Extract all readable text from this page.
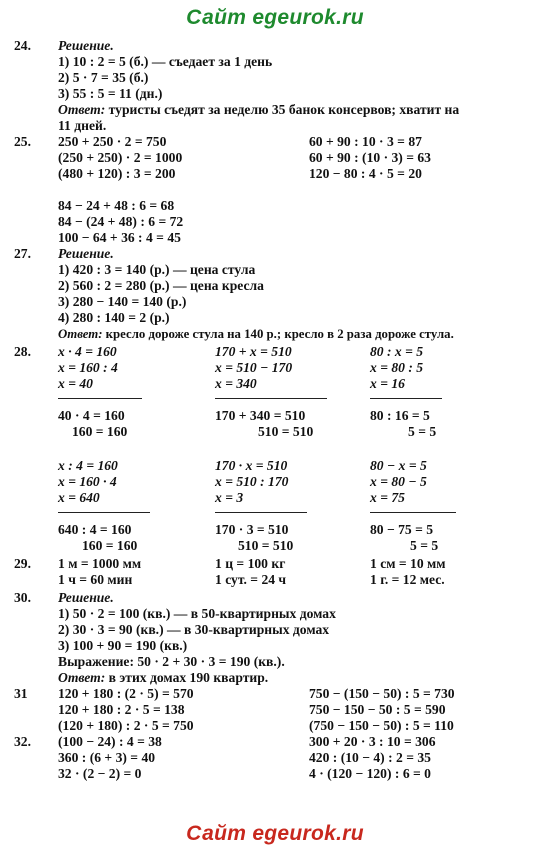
Сайт egeurok.ru
24. Решение.
1) 10 : 2 = 5 (б.) — съедает за 1 день
2) 5 · 7 = 35 (б.)
3) 55 : 5 = 11 (дн.)
Ответ: туристы съедят за неделю 35 банок консервов; хватит на
11 дней.
25. 250 + 250 · 2 = 750
(250 + 250) · 2 = 1000
(480 + 120) : 3 = 200
60 + 90 : 10 · 3 = 87
60 + 90 : (10 · 3) = 63
120 − 80 : 4 · 5 = 20
84 − 24 + 48 : 6 = 68
84 − (24 + 48) : 6 = 72
100 − 64 + 36 : 4 = 45
27. Решение.
1) 420 : 3 = 140 (р.) — цена стула
2) 560 : 2 = 280 (р.) — цена кресла
3) 280 − 140 = 140 (р.)
4) 280 : 140 = 2 (р.)
Ответ: кресло дороже стула на 140 р.; кресло в 2 раза дороже стула.
28. x · 4 = 160
x = 160 : 4
x = 40
40 · 4 = 160
160 = 160
170 + x = 510
x = 510 − 170
x = 340
170 + 340 = 510
510 = 510
80 : x = 5
x = 80 : 5
x = 16
80 : 16 = 5
5 = 5
x : 4 = 160
x = 160 · 4
x = 640
640 : 4 = 160
160 = 160
170 · x = 510
x = 510 : 170
x = 3
170 · 3 = 510
510 = 510
80 − x = 5
x = 80 − 5
x = 75
80 − 75 = 5
5 = 5
29. 1 м = 1000 мм
1 ч = 60 мин
1 ц = 100 кг
1 сут. = 24 ч
1 см = 10 мм
1 г. = 12 мес.
30. Решение.
1) 50 · 2 = 100 (кв.) — в 50-квартирных домах
2) 30 · 3 = 90 (кв.) — в 30-квартирных домах
3) 100 + 90 = 190 (кв.)
Выражение: 50 · 2 + 30 · 3 = 190 (кв.).
Ответ: в этих домах 190 квартир.
31 120 + 180 : (2 · 5) = 570
120 + 180 : 2 · 5 = 138
(120 + 180) : 2 · 5 = 750
750 − (150 − 50) : 5 = 730
750 − 150 − 50 : 5 = 590
(750 − 150 − 50) : 5 = 110
32. (100 − 24) : 4 = 38
360 : (6 + 3) = 40
32 · (2 − 2) = 0
300 + 20 · 3 : 10 = 306
420 : (10 − 4) : 2 = 35
4 · (120 − 120) : 6 = 0
Сайт egeurok.ru
